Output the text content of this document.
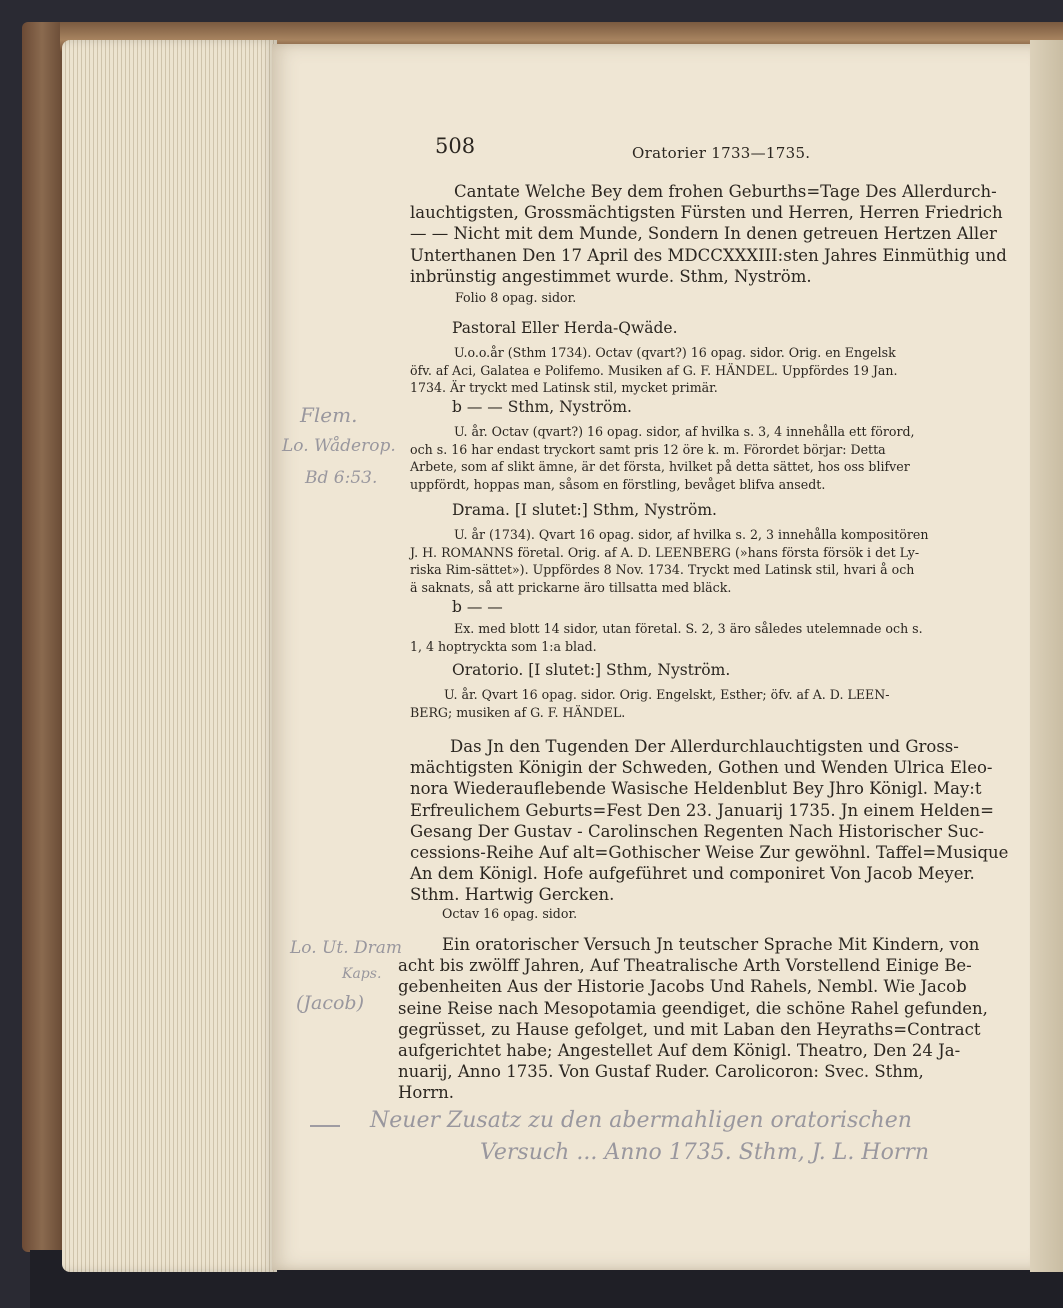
508	Oratorier 1733—1735.
Cantate Welche Bey dem frohen Geburths=Tage Des Allerdurch-
lauchtigsten, Grossmächtigsten Fürsten und Herren, Herren Friedrich
— — Nicht mit dem Munde, Sondern In denen getreuen Hertzen Aller
Unterthanen Den 17 April des MDCCXXXIII:sten Jahres Einmüthig und
inbrünstig angestimmet wurde. Sthm, Nyström.
Folio 8 opag. sidor.
Pastoral Eller Herda-Qwäde.
U.o.o.år (Sthm 1734). Octav (qvart?) 16 opag. sidor. Orig. en Engelsk
öfv. af Aci, Galatea e Polifemo. Musiken af G. F. HÄNDEL. Uppfördes 19 Jan.
1734. Är tryckt med Latinsk stil, mycket primär.
b — — Sthm, Nyström.
U. år. Octav (qvart?) 16 opag. sidor, af hvilka s. 3, 4 innehålla ett förord,
och s. 16 har endast tryckort samt pris 12 öre k. m. Förordet börjar: Detta
Arbete, som af slikt ämne, är det första, hvilket på detta sättet, hos oss blifver
uppfördt, hoppas man, såsom en förstling, bevåget blifva ansedt.
Drama. [I slutet:] Sthm, Nyström.
U. år (1734). Qvart 16 opag. sidor, af hvilka s. 2, 3 innehålla kompositören
J. H. ROMANNS företal. Orig. af A. D. LEENBERG (»hans första försök i det Ly-
riska Rim-sättet»). Uppfördes 8 Nov. 1734. Tryckt med Latinsk stil, hvari å och
ä saknats, så att prickarne äro tillsatta med bläck.
b — —
Ex. med blott 14 sidor, utan företal. S. 2, 3 äro således utelemnade och s.
1, 4 hoptryckta som 1:a blad.
Oratorio. [I slutet:] Sthm, Nyström.
U. år. Qvart 16 opag. sidor. Orig. Engelskt, Esther; öfv. af A. D. LEEN-
BERG; musiken af G. F. HÄNDEL.
Das Jn den Tugenden Der Allerdurchlauchtigsten und Gross-
mächtigsten Königin der Schweden, Gothen und Wenden Ulrica Eleo-
nora Wiederauflebende Wasische Heldenblut Bey Jhro Königl. May:t
Erfreulichem Geburts=Fest Den 23. Januarij 1735. Jn einem Helden=
Gesang Der Gustav - Carolinschen Regenten Nach Historischer Suc-
cessions-Reihe Auf alt=Gothischer Weise Zur gewöhnl. Taffel=Musique
An dem Königl. Hofe aufgeführet und componiret Von Jacob Meyer.
Sthm. Hartwig Gercken.
Octav 16 opag. sidor.
Ein oratorischer Versuch Jn teutscher Sprache Mit Kindern, von
acht bis zwölff Jahren, Auf Theatralische Arth Vorstellend Einige Be-
gebenheiten Aus der Historie Jacobs Und Rahels, Nembl. Wie Jacob
seine Reise nach Mesopotamia geendiget, die schöne Rahel gefunden,
gegrüsset, zu Hause gefolget, und mit Laban den Heyraths=Contract
aufgerichtet habe; Angestellet Auf dem Königl. Theatro, Den 24 Ja-
nuarij, Anno 1735. Von Gustaf Ruder. Carolicoron: Svec. Sthm,
Horrn.
Flem.
Lo. Wåderop.
Bd 6:53.
Lo. Ut. Dram
Kaps.
(Jacob)
Neuer Zusatz zu den abermahligen oratorischen
Versuch ... Anno 1735. Sthm, J. L. Horrn
